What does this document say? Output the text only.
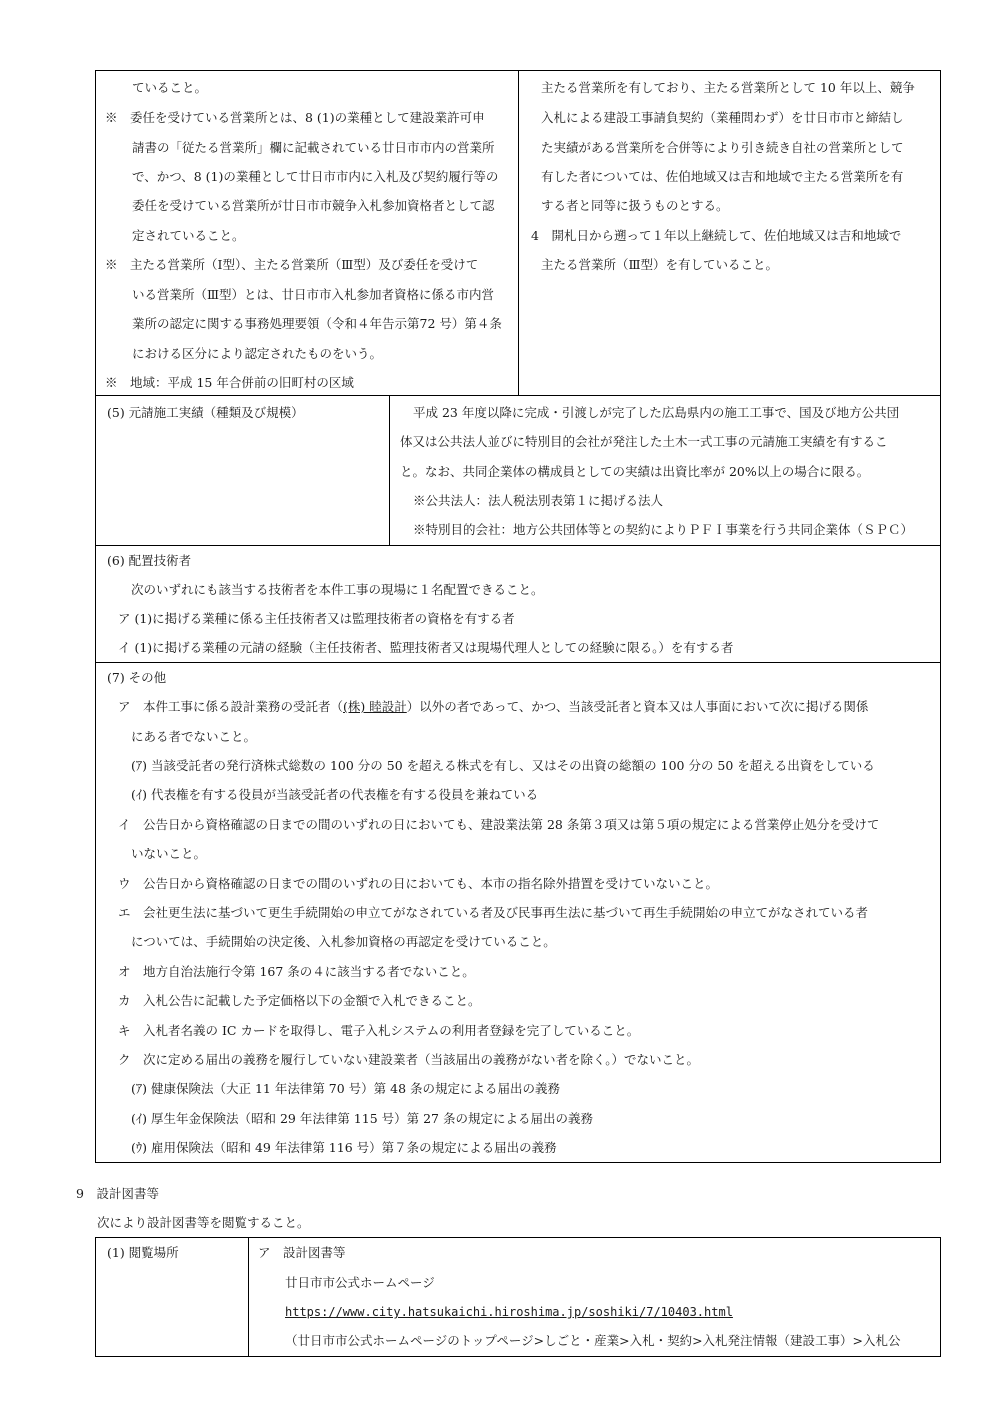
ていること。
※　委任を受けている営業所とは、8 (1)の業種として建設業許可申
請書の「従たる営業所」欄に記載されている廿日市市内の営業所
で、かつ、8 (1)の業種として廿日市市内に入札及び契約履行等の
委任を受けている営業所が廿日市市競争入札参加資格者として認
定されていること。
※　主たる営業所（Ⅰ型）、主たる営業所（Ⅲ型）及び委任を受けて
いる営業所（Ⅲ型）とは、廿日市市入札参加者資格に係る市内営
業所の認定に関する事務処理要領（令和４年告示第72 号）第４条
における区分により認定されたものをいう。
※　地域：平成 15 年合併前の旧町村の区域
主たる営業所を有しており、主たる営業所として 10 年以上、競争
入札による建設工事請負契約（業種問わず）を廿日市市と締結し
た実績がある営業所を合併等により引き続き自社の営業所として
有した者については、佐伯地域又は吉和地域で主たる営業所を有
する者と同等に扱うものとする。
4　開札日から遡って１年以上継続して、佐伯地域又は吉和地域で
主たる営業所（Ⅲ型）を有していること。
(5) 元請施工実績（種類及び規模）	平成 23 年度以降に完成・引渡しが完了した広島県内の施工工事で、国及び地方公共団
体又は公共法人並びに特別目的会社が発注した土木一式工事の元請施工実績を有するこ
と。なお、共同企業体の構成員としての実績は出資比率が 20%以上の場合に限る。
※公共法人：法人税法別表第１に掲げる法人
※特別目的会社：地方公共団体等との契約によりＰＦＩ事業を行う共同企業体（ＳＰＣ）
(6) 配置技術者
次のいずれにも該当する技術者を本件工事の現場に１名配置できること。
ア (1)に掲げる業種に係る主任技術者又は監理技術者の資格を有する者
イ (1)に掲げる業種の元請の経験（主任技術者、監理技術者又は現場代理人としての経験に限る。）を有する者
(7) その他
ア　本件工事に係る設計業務の受託者（(株) 睦設計）以外の者であって、かつ、当該受託者と資本又は人事面において次に掲げる関係
にある者でないこと。
(ｱ) 当該受託者の発行済株式総数の 100 分の 50 を超える株式を有し、又はその出資の総額の 100 分の 50 を超える出資をしている
(ｲ) 代表権を有する役員が当該受託者の代表権を有する役員を兼ねている
イ　公告日から資格確認の日までの間のいずれの日においても、建設業法第 28 条第３項又は第５項の規定による営業停止処分を受けて
いないこと。
ウ　公告日から資格確認の日までの間のいずれの日においても、本市の指名除外措置を受けていないこと。
エ　会社更生法に基づいて更生手続開始の申立てがなされている者及び民事再生法に基づいて再生手続開始の申立てがなされている者
については、手続開始の決定後、入札参加資格の再認定を受けていること。
オ　地方自治法施行令第 167 条の４に該当する者でないこと。
カ　入札公告に記載した予定価格以下の金額で入札できること。
キ　入札者名義の IC カードを取得し、電子入札システムの利用者登録を完了していること。
ク　次に定める届出の義務を履行していない建設業者（当該届出の義務がない者を除く。）でないこと。
(ｱ) 健康保険法（大正 11 年法律第 70 号）第 48 条の規定による届出の義務
(ｲ) 厚生年金保険法（昭和 29 年法律第 115 号）第 27 条の規定による届出の義務
(ｳ) 雇用保険法（昭和 49 年法律第 116 号）第７条の規定による届出の義務
9　設計図書等
次により設計図書等を閲覧すること。
(1) 閲覧場所	ア　設計図書等
廿日市市公式ホームページ
https://www.city.hatsukaichi.hiroshima.jp/soshiki/7/10403.html
（廿日市市公式ホームページのトップページ>しごと・産業>入札・契約>入札発注情報（建設工事）>入札公
